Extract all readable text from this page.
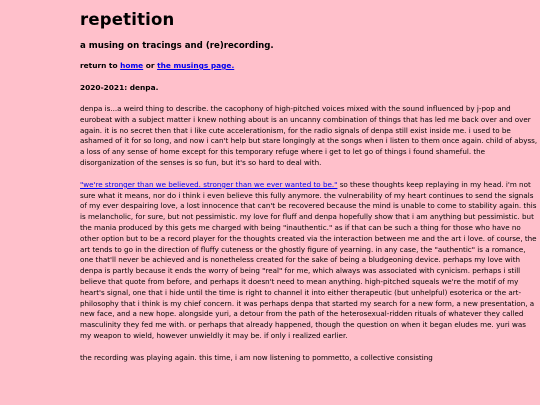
repetition
a musing on tracings and (re)recording.
return to home or the musings page.
2020-2021: denpa.

denpa is...a weird thing to describe. the cacophony of high-pitched voices mixed with the sound influenced by j-pop and eurobeat with a subject matter i knew nothing about is an uncanny combination of things that has led me back over and over again. it is no secret then that i like cute accelerationism, for the radio signals of denpa still exist inside me. i used to be ashamed of it for so long, and now i can't help but stare longingly at the songs when i listen to them once again. child of abyss, a loss of any sense of home except for this temporary refuge where i get to let go of things i found shameful. the disorganization of the senses is so fun, but it's so hard to deal with.

"we're stronger than we believed. stronger than we ever wanted to be." so these thoughts keep replaying in my head. i'm not sure what it means, nor do i think i even believe this fully anymore. the vulnerability of my heart continues to send the signals of my ever despairing love, a lost innocence that can't be recovered because the mind is unable to come to stability again. this is melancholic, for sure, but not pessimistic. my love for fluff and denpa hopefully show that i am anything but pessimistic. but the mania produced by this gets me charged with being "inauthentic." as if that can be such a thing for those who have no other option but to be a record player for the thoughts created via the interaction between me and the art i love. of course, the art tends to go in the direction of fluffy cuteness or the ghostly figure of yearning. in any case, the "authentic" is a romance, one that'll never be achieved and is nonetheless created for the sake of being a bludgeoning device. perhaps my love with denpa is partly because it ends the worry of being "real" for me, which always was associated with cynicism. perhaps i still believe that quote from before, and perhaps it doesn't need to mean anything. high-pitched squeals we're the motif of my heart's signal, one that i hide until the time is right to channel it into either therapeutic (but unhelpful) esoterica or the art-philosophy that i think is my chief concern. it was perhaps denpa that started my search for a new form, a new presentation, a new face, and a new hope. alongside yuri, a detour from the path of the heterosexual-ridden rituals of whatever they called masculinity they fed me with. or perhaps that already happened, though the question on when it began eludes me. yuri was my weapon to wield, however unwieldly it may be. if only i realized earlier.

the recording was playing again. this time, i am now listening to pommetto, a collective consisting
